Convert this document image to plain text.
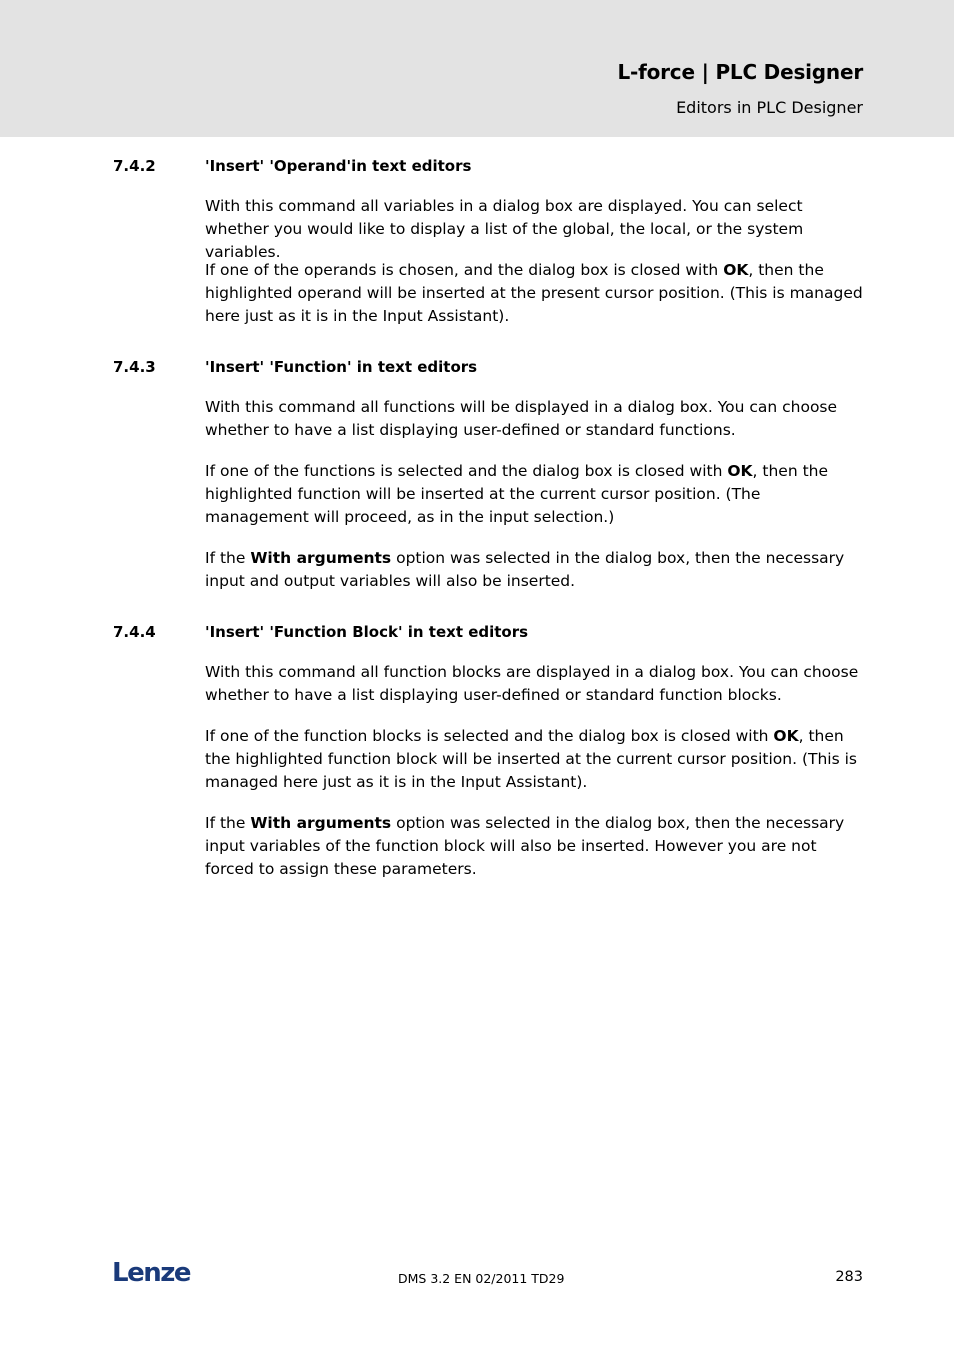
L-force | PLC Designer
Editors in PLC Designer
7.4.2	'Insert' 'Operand'in text editors

With this command all variables in a dialog box are displayed. You can select whether you would like to display a list of the global, the local, or the system variables.

If one of the operands is chosen, and the dialog box is closed with OK, then the highlighted operand will be inserted at the present cursor position. (This is managed here just as it is in the Input Assistant).

7.4.3	'Insert' 'Function' in text editors

With this command all functions will be displayed in a dialog box. You can choose whether to have a list displaying user-defined or standard functions.

If one of the functions is selected and the dialog box is closed with OK, then the highlighted function will be inserted at the current cursor position. (The management will proceed, as in the input selection.)

If the With arguments option was selected in the dialog box, then the necessary input and output variables will also be inserted.

7.4.4	'Insert' 'Function Block' in text editors

With this command all function blocks are displayed in a dialog box. You can choose whether to have a list displaying user-defined or standard function blocks.

If one of the function blocks is selected and the dialog box is closed with OK, then the highlighted function block will be inserted at the current cursor position. (This is managed here just as it is in the Input Assistant).

If the With arguments option was selected in the dialog box, then the necessary input variables of the function block will also be inserted. However you are not forced to assign these parameters.

Lenze	DMS 3.2 EN 02/2011 TD29	283
